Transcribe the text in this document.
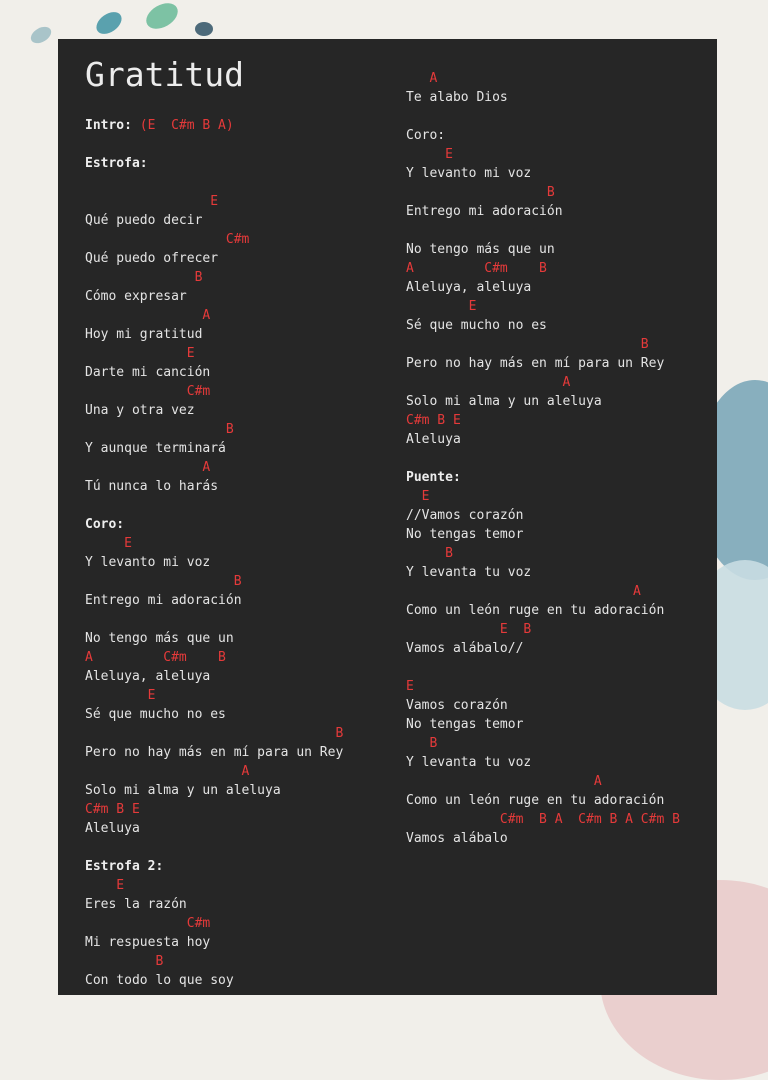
Gratitud
Intro: (E  C#m B A)
Estrofa:
E
Qué puedo decir
C#m
Qué puedo ofrecer
B
Cómo expresar
A
Hoy mi gratitud
E
Darte mi canción
C#m
Una y otra vez
B
Y aunque terminará
A
Tú nunca lo harás
Coro:
E
Y levanto mi voz
B
Entrego mi adoración
No tengo más que un
A         C#m    B
Aleluya, aleluya
E
Sé que mucho no es
B
Pero no hay más en mí para un Rey
A
Solo mi alma y un aleluya
C#m B E
Aleluya
Estrofa 2:
E
Eres la razón
C#m
Mi respuesta hoy
B
Con todo lo que soy
A
Te alabo Dios
Coro:
E
Y levanto mi voz
B
Entrego mi adoración
No tengo más que un
A         C#m    B
Aleluya, aleluya
E
Sé que mucho no es
B
Pero no hay más en mí para un Rey
A
Solo mi alma y un aleluya
C#m B E
Aleluya
Puente:
E
//Vamos corazón
No tengas temor
B
Y levanta tu voz
A
Como un león ruge en tu adoración
E  B
Vamos alábalo//
E
Vamos corazón
No tengas temor
B
Y levanta tu voz
A
Como un león ruge en tu adoración
C#m  B A  C#m B A C#m B
Vamos alábalo
